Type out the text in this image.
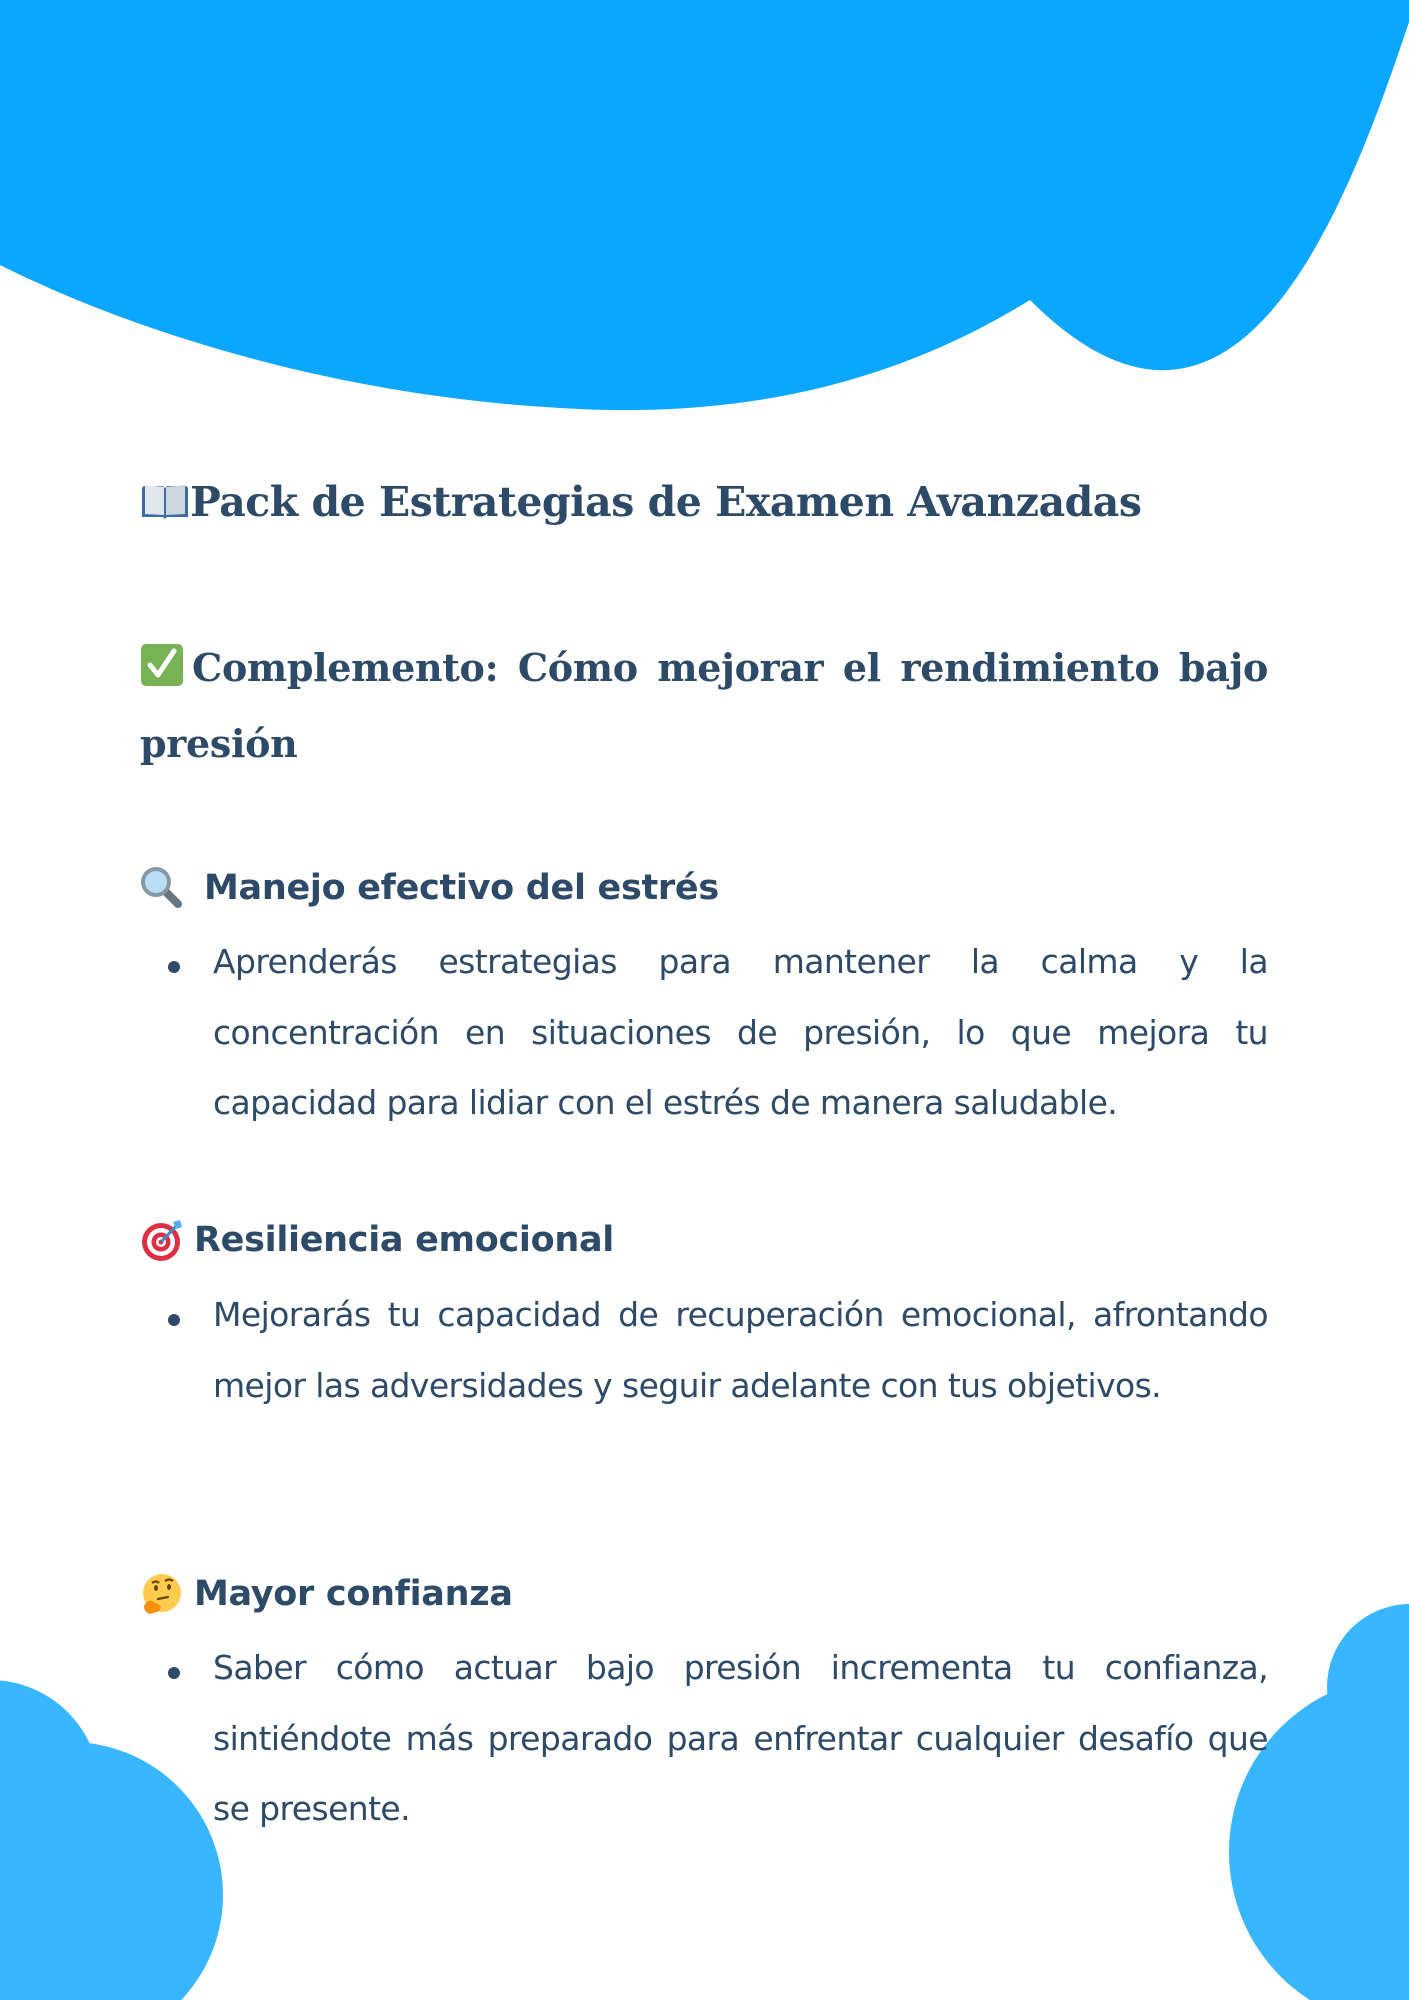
Pack de Estrategias de Examen Avanzadas
Complemento: Cómo mejorar el rendimiento bajo presión
Manejo efectivo del estrés
Aprenderás estrategias para mantener la calma y la concentración en situaciones de presión, lo que mejora tu capacidad para lidiar con el estrés de manera saludable.
Resiliencia emocional
Mejorarás tu capacidad de recuperación emocional, afrontando mejor las adversidades y seguir adelante con tus objetivos.
Mayor confianza
Saber cómo actuar bajo presión incrementa tu confianza, sintiéndote más preparado para enfrentar cualquier desafío que se presente.
